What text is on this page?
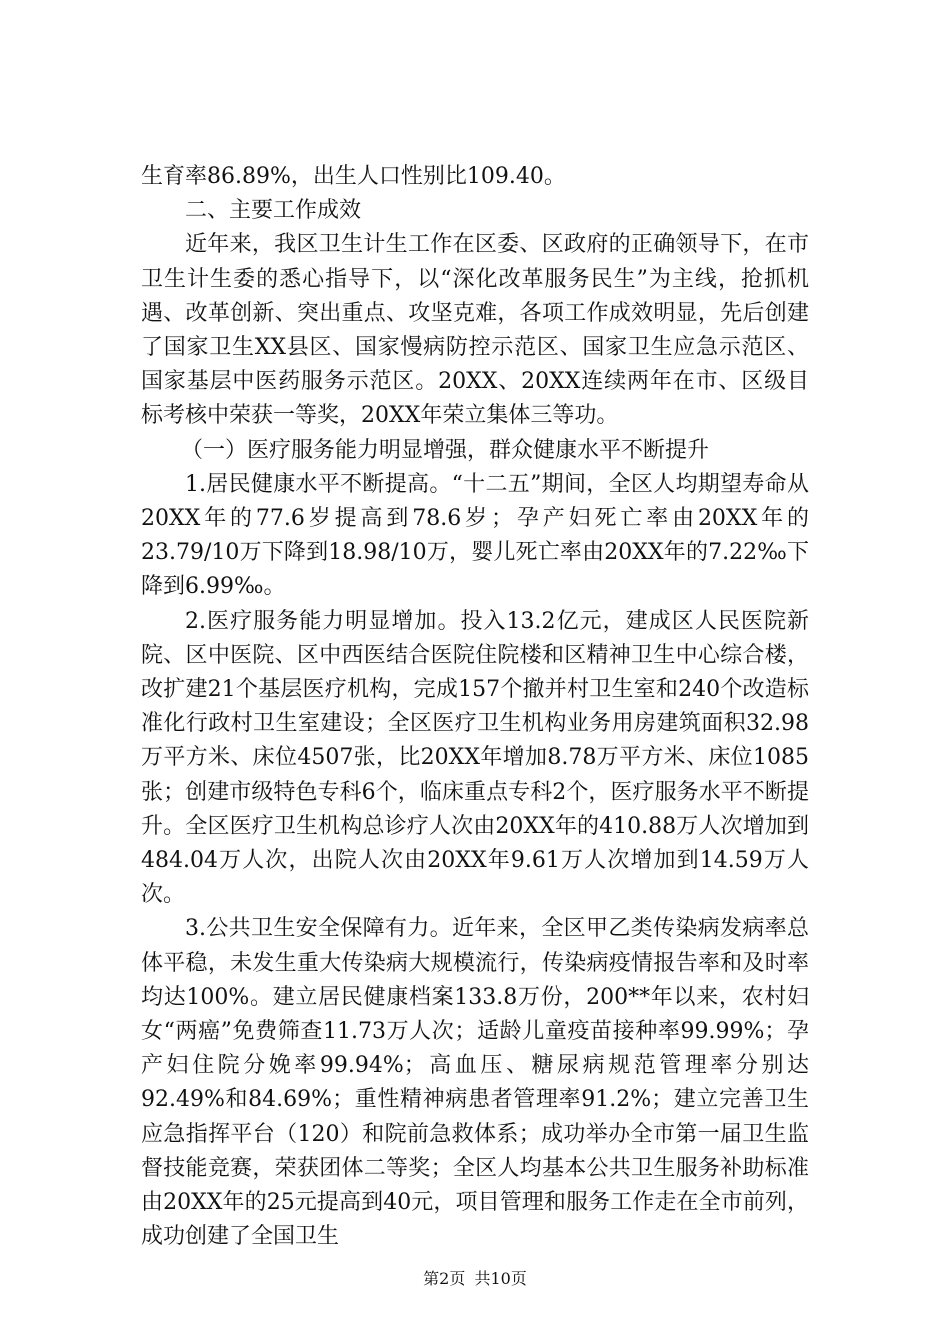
生育率86.89%，出生人口性别比109.40。

二、主要工作成效

近年来，我区卫生计生工作在区委、区政府的正确领导下，在市卫生计生委的悉心指导下，以“深化改革服务民生”为主线，抢抓机遇、改革创新、突出重点、攻坚克难，各项工作成效明显，先后创建了国家卫生XX县区、国家慢病防控示范区、国家卫生应急示范区、国家基层中医药服务示范区。20XX、20XX连续两年在市、区级目标考核中荣获一等奖，20XX年荣立集体三等功。

（一）医疗服务能力明显增强，群众健康水平不断提升

1.居民健康水平不断提高。“十二五”期间，全区人均期望寿命从20XX年的77.6岁提高到78.6岁；孕产妇死亡率由20XX年的23.79/10万下降到18.98/10万，婴儿死亡率由20XX年的7.22‰下降到6.99‰。

2.医疗服务能力明显增加。投入13.2亿元，建成区人民医院新院、区中医院、区中西医结合医院住院楼和区精神卫生中心综合楼，改扩建21个基层医疗机构，完成157个撤并村卫生室和240个改造标准化行政村卫生室建设；全区医疗卫生机构业务用房建筑面积32.98万平方米、床位4507张，比20XX年增加8.78万平方米、床位1085张；创建市级特色专科6个，临床重点专科2个，医疗服务水平不断提升。全区医疗卫生机构总诊疗人次由20XX年的410.88万人次增加到484.04万人次，出院人次由20XX年9.61万人次增加到14.59万人次。

3.公共卫生安全保障有力。近年来，全区甲乙类传染病发病率总体平稳，未发生重大传染病大规模流行，传染病疫情报告率和及时率均达100%。建立居民健康档案133.8万份，200**年以来，农村妇女“两癌”免费筛查11.73万人次；适龄儿童疫苗接种率99.99%；孕产妇住院分娩率99.94%；高血压、糖尿病规范管理率分别达92.49%和84.69%；重性精神病患者管理率91.2%；建立完善卫生应急指挥平台（120）和院前急救体系；成功举办全市第一届卫生监督技能竞赛，荣获团体二等奖；全区人均基本公共卫生服务补助标准由20XX年的25元提高到40元，项目管理和服务工作走在全市前列，成功创建了全国卫生

第2页 共10页
